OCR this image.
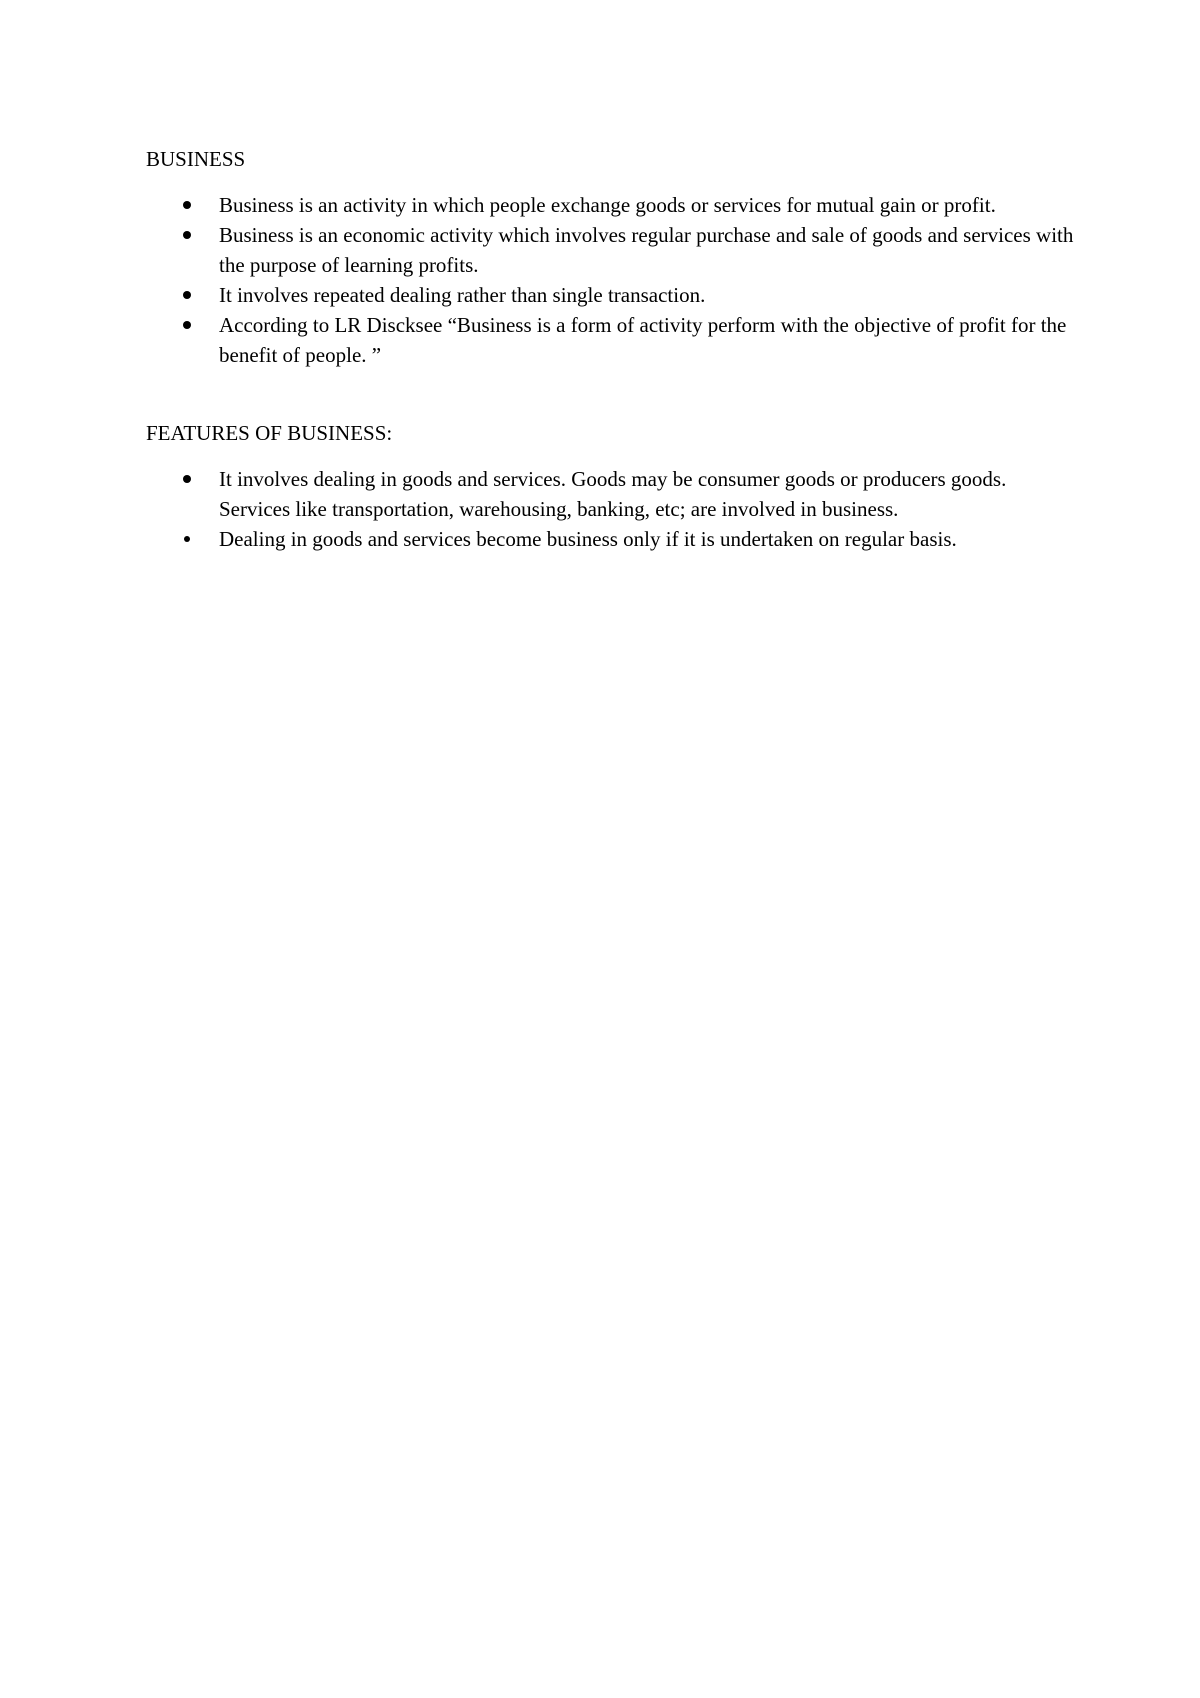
BUSINESS
Business is an activity in which people exchange goods or services for mutual gain or profit.
Business is an economic activity which involves regular purchase and sale of goods and services with the purpose of learning profits.
It involves repeated dealing rather than single transaction.
According to LR Discksee “Business is a form of activity perform with the objective of profit for the benefit of people. ”
FEATURES OF BUSINESS:
It involves dealing in goods and services. Goods may be consumer goods or producers goods. Services like transportation, warehousing, banking, etc; are involved in business.
Dealing in goods and services become business only if it is undertaken on regular basis.
